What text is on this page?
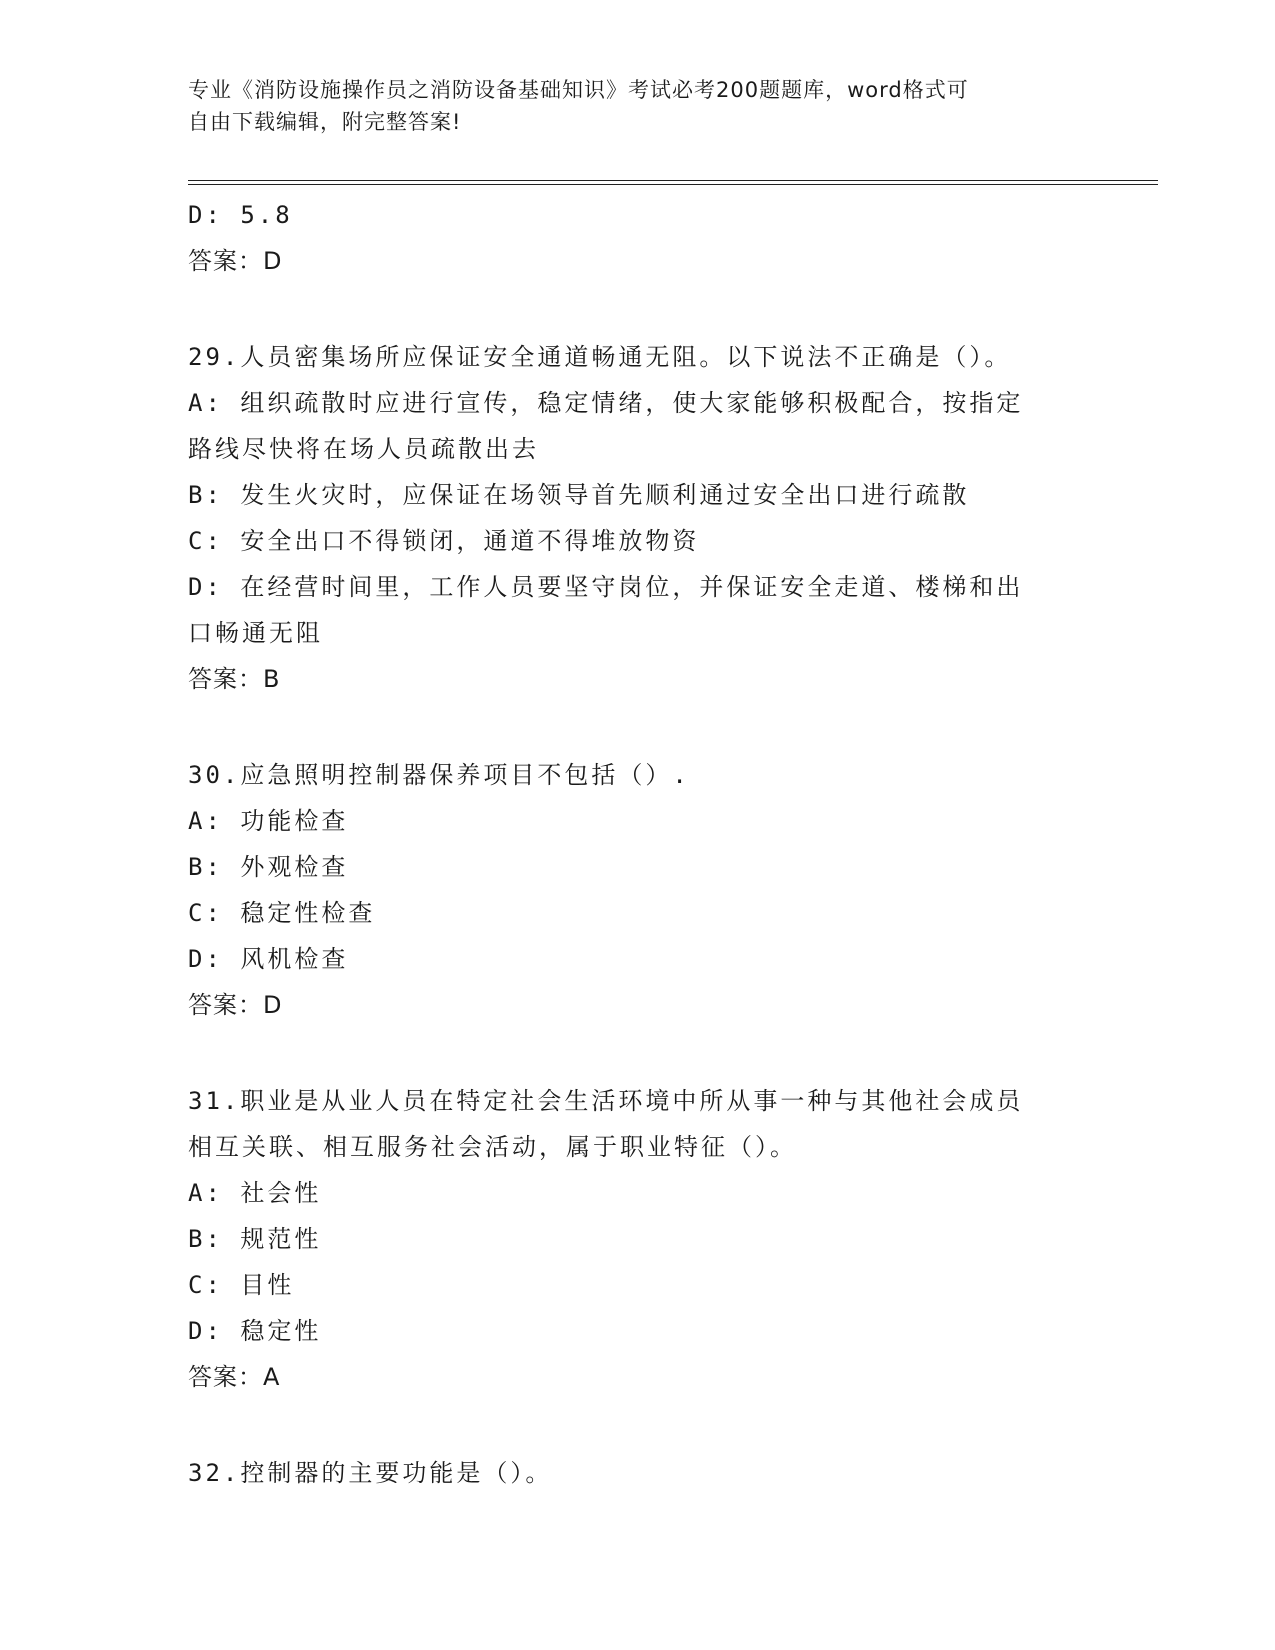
专业《消防设施操作员之消防设备基础知识》考试必考200题题库，word格式可
自由下载编辑，附完整答案!
D: 5.8
答案：D
29.人员密集场所应保证安全通道畅通无阻。以下说法不正确是（）。
A: 组织疏散时应进行宣传，稳定情绪，使大家能够积极配合，按指定
路线尽快将在场人员疏散出去
B: 发生火灾时，应保证在场领导首先顺利通过安全出口进行疏散
C: 安全出口不得锁闭，通道不得堆放物资
D: 在经营时间里，工作人员要坚守岗位，并保证安全走道、楼梯和出
口畅通无阻
答案：B
30.应急照明控制器保养项目不包括（）.
A: 功能检查
B: 外观检查
C: 稳定性检查
D: 风机检查
答案：D
31.职业是从业人员在特定社会生活环境中所从事一种与其他社会成员
相互关联、相互服务社会活动，属于职业特征（）。
A: 社会性
B: 规范性
C: 目性
D: 稳定性
答案：A
32.控制器的主要功能是（）。
